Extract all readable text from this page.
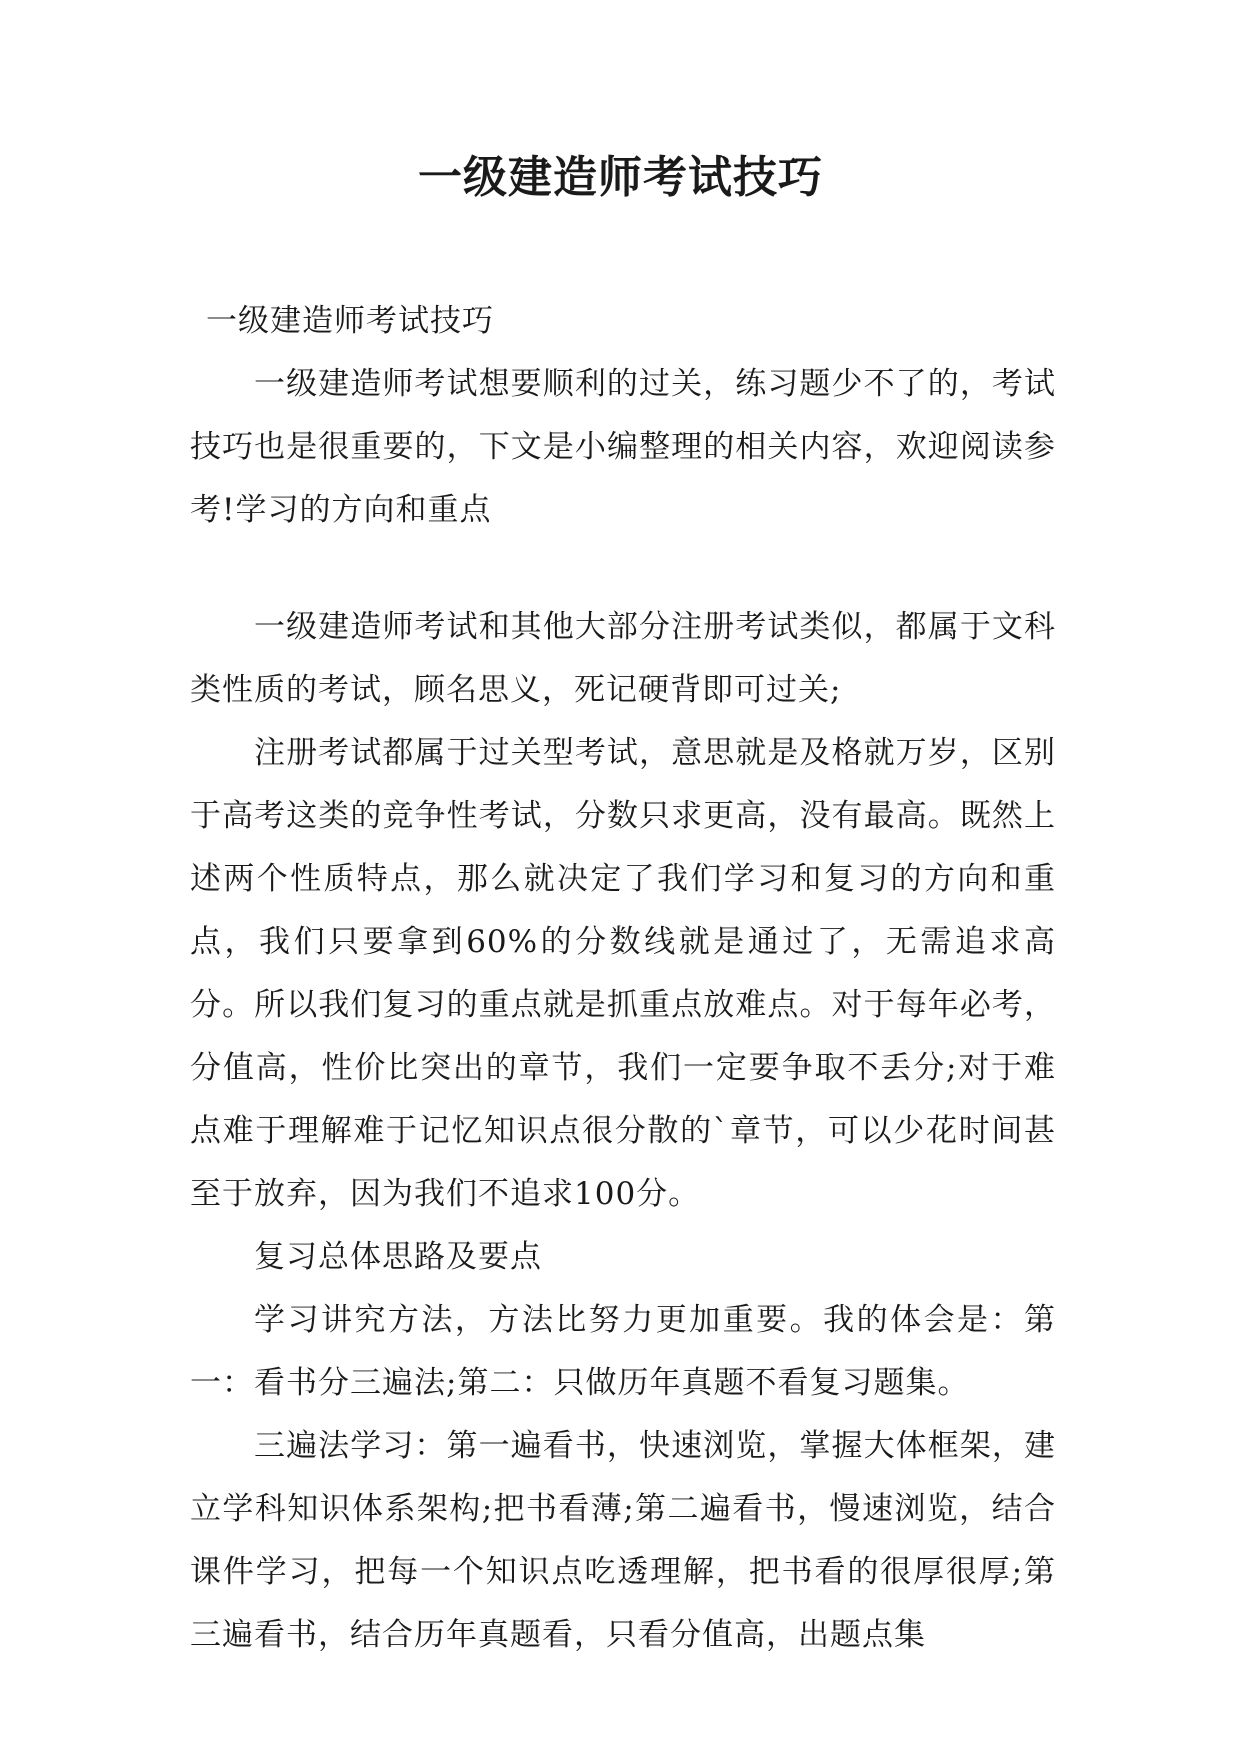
一级建造师考试技巧

一级建造师考试技巧

一级建造师考试想要顺利的过关，练习题少不了的，考试技巧也是很重要的，下文是小编整理的相关内容，欢迎阅读参考!学习的方向和重点

一级建造师考试和其他大部分注册考试类似，都属于文科类性质的考试，顾名思义，死记硬背即可过关;

注册考试都属于过关型考试，意思就是及格就万岁，区别于高考这类的竞争性考试，分数只求更高，没有最高。既然上述两个性质特点，那么就决定了我们学习和复习的方向和重点，我们只要拿到60%的分数线就是通过了，无需追求高分。所以我们复习的重点就是抓重点放难点。对于每年必考，分值高，性价比突出的章节，我们一定要争取不丢分;对于难点难于理解难于记忆知识点很分散的`章节，可以少花时间甚至于放弃，因为我们不追求100分。

复习总体思路及要点

学习讲究方法，方法比努力更加重要。我的体会是：第一：看书分三遍法;第二：只做历年真题不看复习题集。

三遍法学习：第一遍看书，快速浏览，掌握大体框架，建立学科知识体系架构;把书看薄;第二遍看书，慢速浏览，结合课件学习，把每一个知识点吃透理解，把书看的很厚很厚;第三遍看书，结合历年真题看，只看分值高，出题点集
